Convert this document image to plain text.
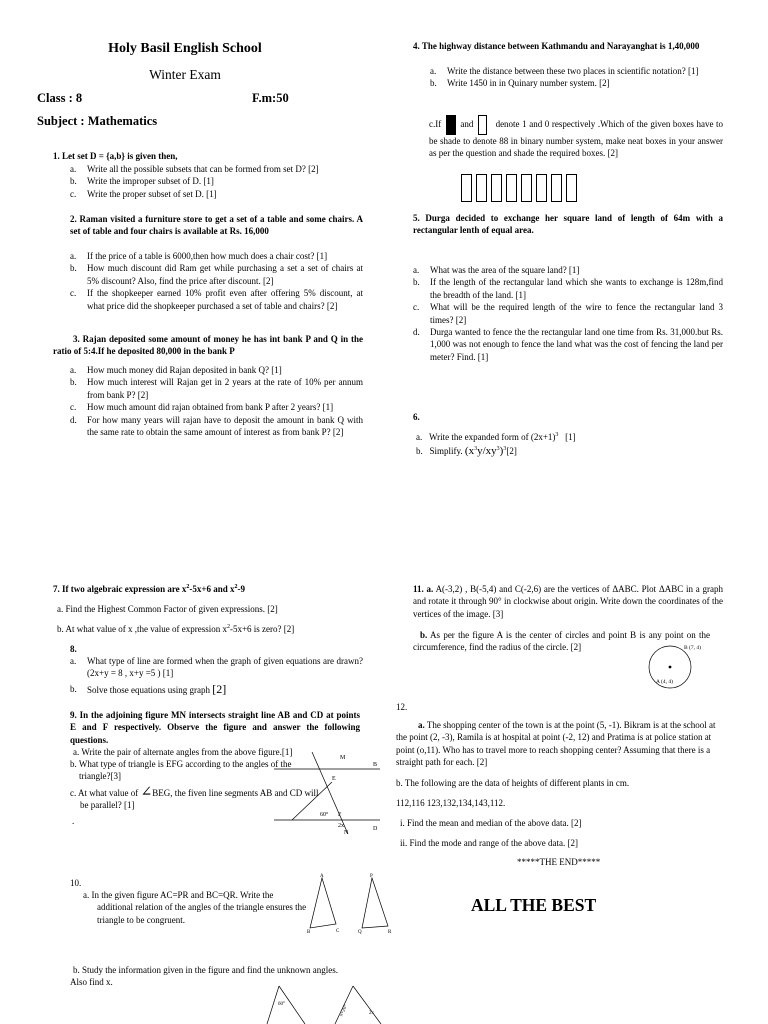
Holy Basil English School
Winter Exam
Class : 8	F.m:50
Subject : Mathematics
1. Let set D = {a,b} is given then,
a. Write all the possible subsets that can be formed from set D? [2]
b. Write the improper subset of D. [1]
c. Write the proper subset of set D. [1]
2. Raman visited a furniture store to get a set of a table and some chairs. A set of table and four chairs is available at Rs. 16,000
a. If the price of a table is 6000,then how much does a chair cost? [1]
b. How much discount did Ram get while purchasing a set a set of chairs at 5% discount? Also, find the price after discount. [2]
c. If the shopkeeper earned 10% profit even after offering 5% discount, at what price did the shopkeeper purchased a set of table and chairs? [2]
3. Rajan deposited some amount of money he has int bank P and Q in the ratio of 5:4.If he deposited 80,000 in the bank P
a. How much money did Rajan deposited in bank Q? [1]
b. How much interest will Rajan get in 2 years at the rate of 10% per annum from bank P? [2]
c. How much amount did rajan obtained from bank P after 2 years? [1]
d. For how many years will rajan have to deposit the amount in bank Q with the same rate to obtain the same amount of interest as from bank P? [2]
4. The highway distance between Kathmandu and Narayanghat is 1,40,000
a. Write the distance between these two places in scientific notation? [1]
b. Write 1450 in in Quinary number system. [2]
c.If and denote 1 and 0 respectively .Which of the given boxes have to be shade to denote 88 in binary number system, make neat boxes in your answer as per the question and shade the required boxes. [2]
5. Durga decided to exchange her square land of length of 64m with a rectangular lenth of equal area.
a. What was the area of the square land? [1]
b. If the length of the rectangular land which she wants to exchange is 128m,find the breadth of the land. [1]
c. What will be the required length of the wire to fence the rectangular land 3 times? [2]
d. Durga wanted to fence the the rectangular land one time from Rs. 31,000.but Rs. 1,000 was not enough to fence the land what was the cost of fencing the land per meter? Find. [1]
6.
a. Write the expanded form of $(2x+1)^3$ [1]
b. Simplify. $(x^3y/xy^3)^3[2]$
7. If two algebraic expression are $x^2-5x+6$ and $x^2-9$
a. Find the Highest Common Factor of given expressions. [2]
b. At what value of x ,the value of expression $x^2-5x+6$ is zero? [2]
8.
a. What type of line are formed when the graph of given equations are drawn? (2x+y = 8 , x+y =5 ) [1]
b. Solve those equations using graph [2]
9. In the adjoining figure MN intersects straight line AB and CD at points E and F respectively. Observe the figure and answer the following questions.
a. Write the pair of alternate angles from the above figure.[1]
b. What type of triangle is EFG according to the angles of the triangle?[3]
c. At what value of ∠BEG, the fiven line segments AB and CD will be parallel? [1]
.
M
E
F
2x
60°
B
D
N
10.
a. In the given figure AC=PR and BC=QR. Write the additional relation of the angles of the triangle ensures the triangle to be congruent.
A
B	C
P
Q	R
b. Study the information given in the figure and find the unknown angles. Also find x.
60°
2x
x+20°
11. a. A(-3,2) , B(-5,4) and C(-2,6) are the vertices of ΔABC. Plot ΔABC in a graph and rotate it through 90° in clockwise about origin. Write down the coordinates of the vertices of the image. [3]
b. As per the figure A is the center of circles and point B is any point on the circumference, find the radius of the circle. [2]	B (7, 4)
A (4, 4)
12.
a. The shopping center of the town is at the point (5, -1). Bikram is at the school at the point (2, -3), Ramila is at hospital at point (-2, 12) and Pratima is at police station at point (o,11). Who has to travel more to reach shopping center? Assuming that there is a straight path for each. [2]
b. The following are the data of heights of different plants in cm.
112,116 123,132,134,143,112.
i. Find the mean and median of the above data. [2]
ii. Find the mode and range of the above data. [2]
*****THE END*****
ALL THE BEST
